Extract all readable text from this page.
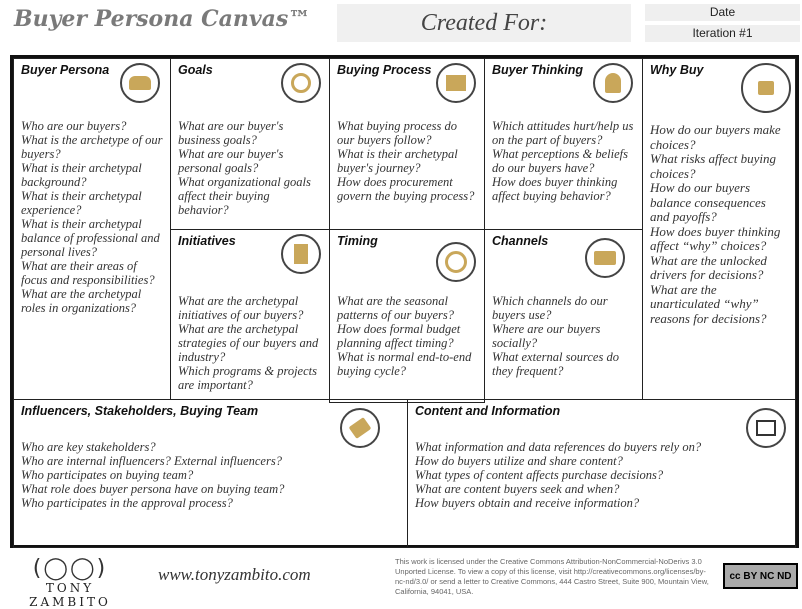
Buyer Persona Canvas™	Created For:	Date
Iteration #1
Buyer Persona
Who are our buyers?
What is the archetype of our buyers?
What is their archetypal background?
What is their archetypal experience?
What is their archetypal balance of professional and personal lives?
What are their areas of focus and responsibilities?
What are the archetypal roles in organizations?
Goals
What are our buyer's business goals?
What are our buyer's personal goals?
What organizational goals affect their buying behavior?
Buying Process
What buying process do our buyers follow?
What is their archetypal buyer's journey?
How does procurement govern the buying process?
Buyer Thinking
Which attitudes hurt/help us on the part of buyers?
What perceptions & beliefs do our buyers have?
How does buyer thinking affect buying behavior?
Why Buy
How do our buyers make choices?
What risks affect buying choices?
How do our buyers balance consequences and payoffs?
How does buyer thinking affect “why” choices?
What are the unlocked drivers for decisions?
What are the unarticulated “why” reasons for decisions?
Initiatives
What are the archetypal initiatives of our buyers?
What are the archetypal strategies of our buyers and industry?
Which programs & projects are important?
Timing
What are the seasonal patterns of our buyers?
How does formal budget planning affect timing?
What is normal end-to-end buying cycle?
Channels
Which channels do our buyers use?
Where are our buyers socially?
What external sources do they frequent?
Influencers, Stakeholders, Buying Team
Who are key stakeholders?
Who are internal influencers? External influencers?
Who participates on buying team?
What role does buyer persona have on buying team?
Who participates in the approval process?
Content and Information
What information and data references do buyers rely on?
How do buyers utilize and share content?
What types of content affects purchase decisions?
What are content buyers seek and when?
How buyers obtain and receive information?
(◯◯)
TONY ZAMBITO
www.tonyzambito.com
This work is licensed under the Creative Commons Attribution-NonCommercial-NoDerivs 3.0 Unported License. To view a copy of this license, visit http://creativecommons.org/licenses/by-nc-nd/3.0/ or send a letter to Creative Commons, 444 Castro Street, Suite 900, Mountain View, California, 94041, USA.
cc BY NC ND
